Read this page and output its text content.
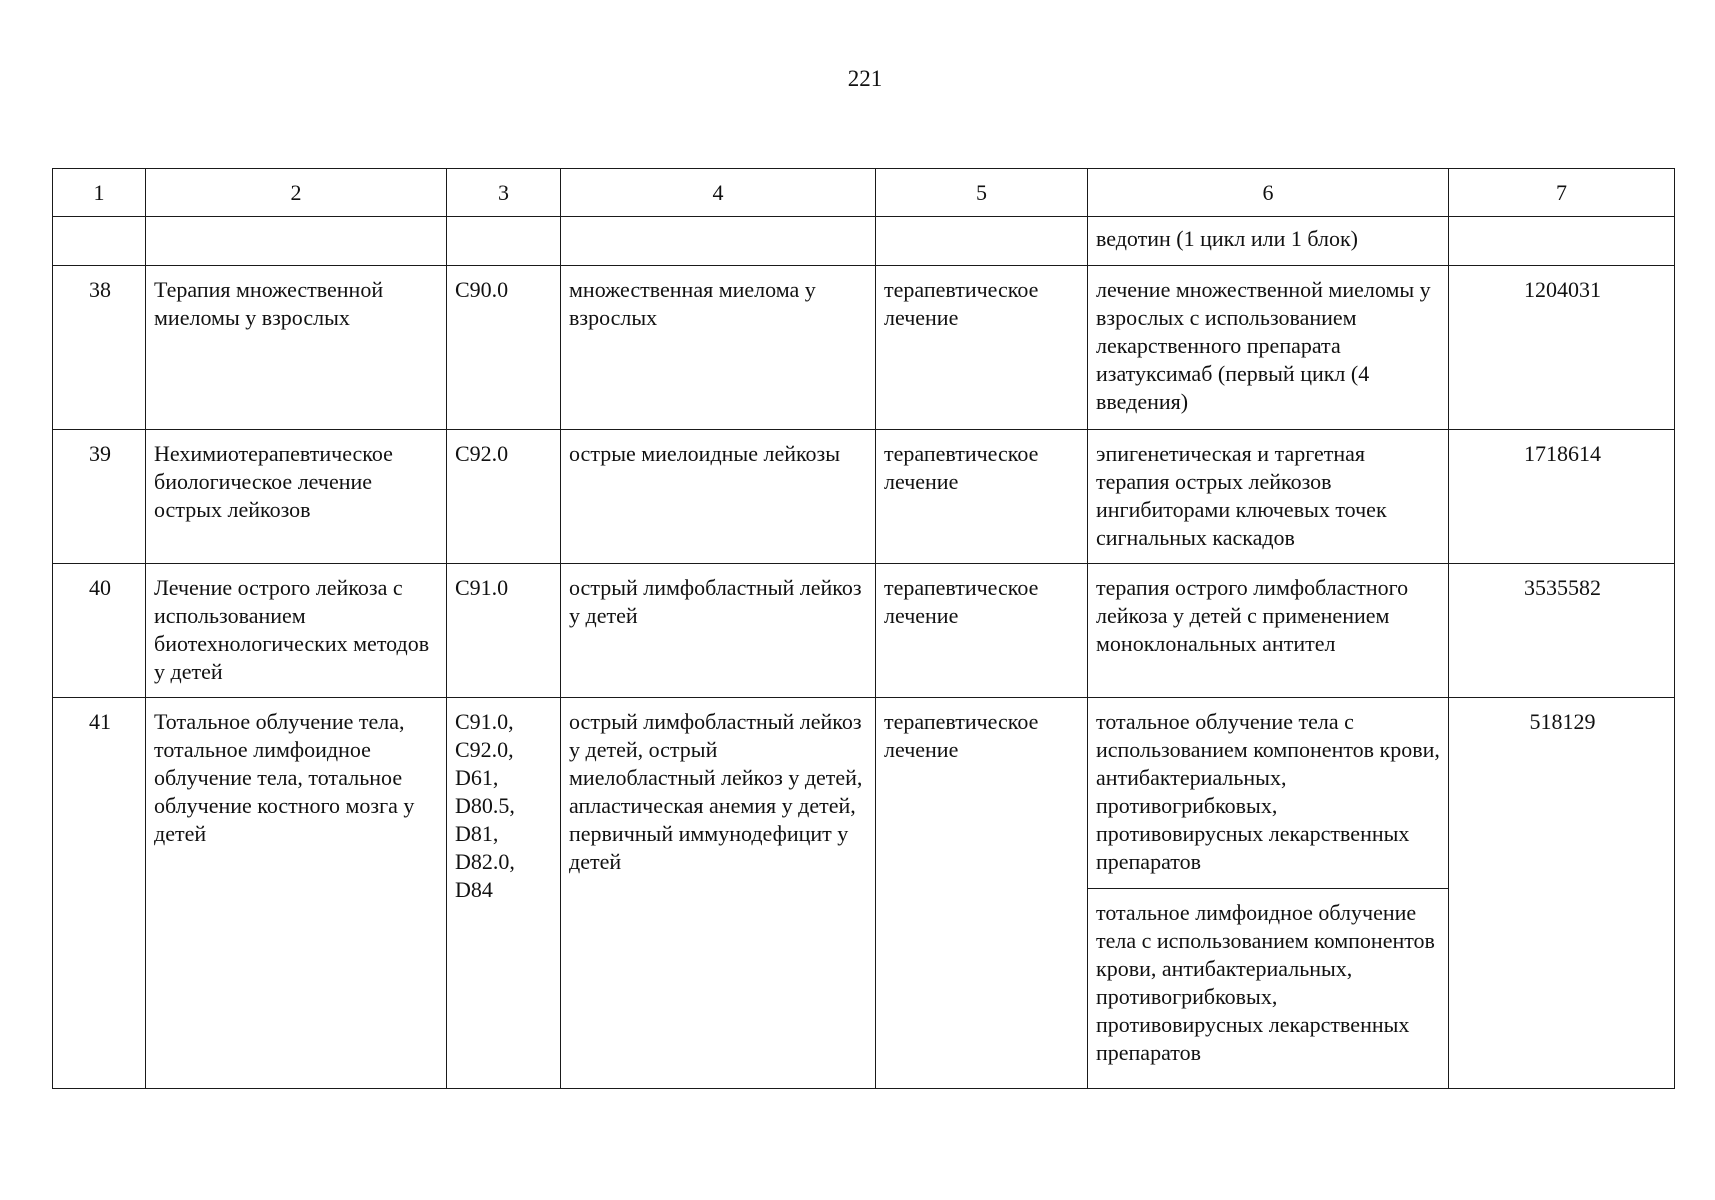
221
1	2	3	4	5	6	7
					ведотин (1 цикл или 1 блок)	
38	Терапия множественной миеломы у взрослых	C90.0	множественная миелома у взрослых	терапевтическое лечение	лечение множественной миеломы у взрослых с использованием лекарственного препарата изатуксимаб (первый цикл (4 введения)	1204031
39	Нехимиотерапевтическое биологическое лечение острых лейкозов	C92.0	острые миелоидные лейкозы	терапевтическое лечение	эпигенетическая и таргетная терапия острых лейкозов ингибиторами ключевых точек сигнальных каскадов	1718614
40	Лечение острого лейкоза с использованием биотехнологических методов у детей	C91.0	острый лимфобластный лейкоз у детей	терапевтическое лечение	терапия острого лимфобластного лейкоза у детей с применением моноклональных антител	3535582
41	Тотальное облучение тела, тотальное лимфоидное облучение тела, тотальное облучение костного мозга у детей	C91.0, C92.0, D61, D80.5, D81, D82.0, D84	острый лимфобластный лейкоз у детей, острый миелобластный лейкоз у детей, апластическая анемия у детей, первичный иммунодефицит у детей	терапевтическое лечение	тотальное облучение тела с использованием компонентов крови, антибактериальных, противогрибковых, противовирусных лекарственных препаратов	518129
					тотальное лимфоидное облучение тела с использованием компонентов крови, антибактериальных, противогрибковых, противовирусных лекарственных препаратов	
